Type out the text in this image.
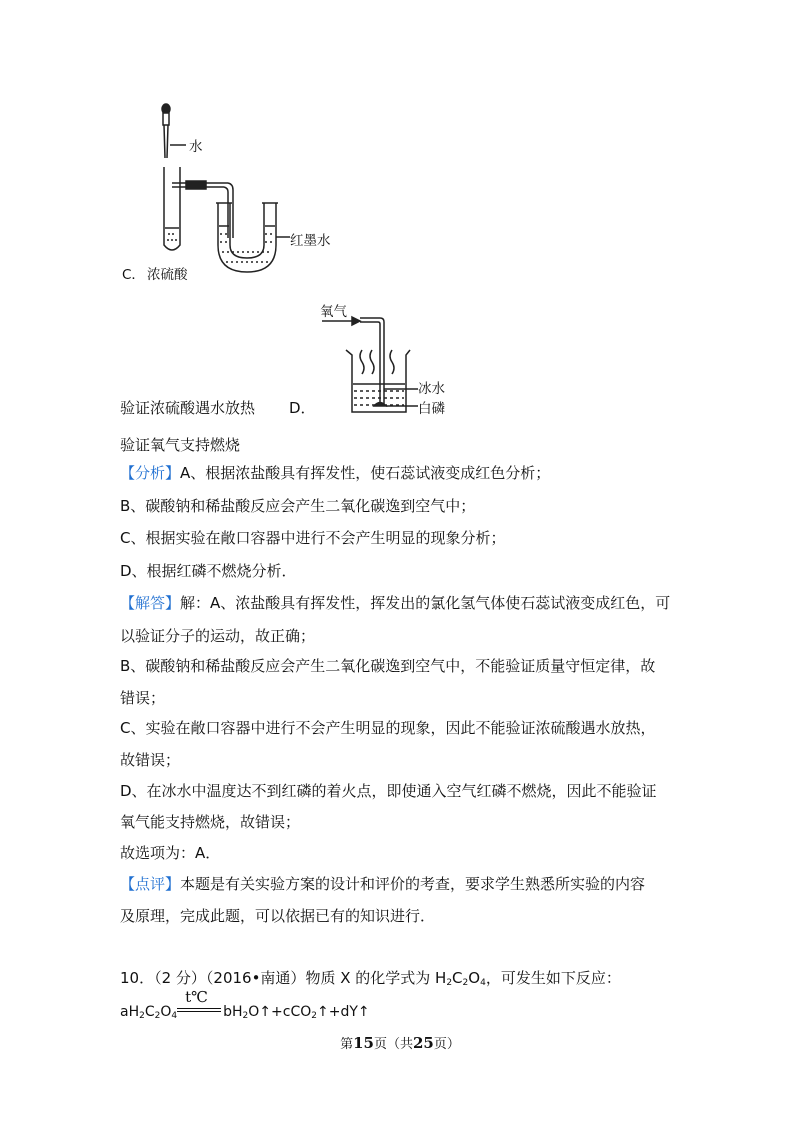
水
红墨水
C． 浓硫酸
氧气
冰水
白磷
验证浓硫酸遇水放热 D．
验证氧气支持燃烧
【分析】A、根据浓盐酸具有挥发性，使石蕊试液变成红色分析；
B、碳酸钠和稀盐酸反应会产生二氧化碳逸到空气中；
C、根据实验在敞口容器中进行不会产生明显的现象分析；
D、根据红磷不燃烧分析．
【解答】解：A、浓盐酸具有挥发性，挥发出的氯化氢气体使石蕊试液变成红色，可
以验证分子的运动，故正确；
B、碳酸钠和稀盐酸反应会产生二氧化碳逸到空气中，不能验证质量守恒定律，故
错误；
C、实验在敞口容器中进行不会产生明显的现象，因此不能验证浓硫酸遇水放热，
故错误；
D、在冰水中温度达不到红磷的着火点，即使通入空气红磷不燃烧，因此不能验证
氧气能支持燃烧，故错误；
故选项为：A．
【点评】本题是有关实验方案的设计和评价的考查，要求学生熟悉所实验的内容
及原理，完成此题，可以依据已有的知识进行．
10．（2 分）（2016•南通）物质 X 的化学式为 $H_2C_2O_4$，可发生如下反应：
$aH_2C_2O_4$
t℃
$bH_2O↑+cCO_2↑+dY↑$
第15页（共25页）
